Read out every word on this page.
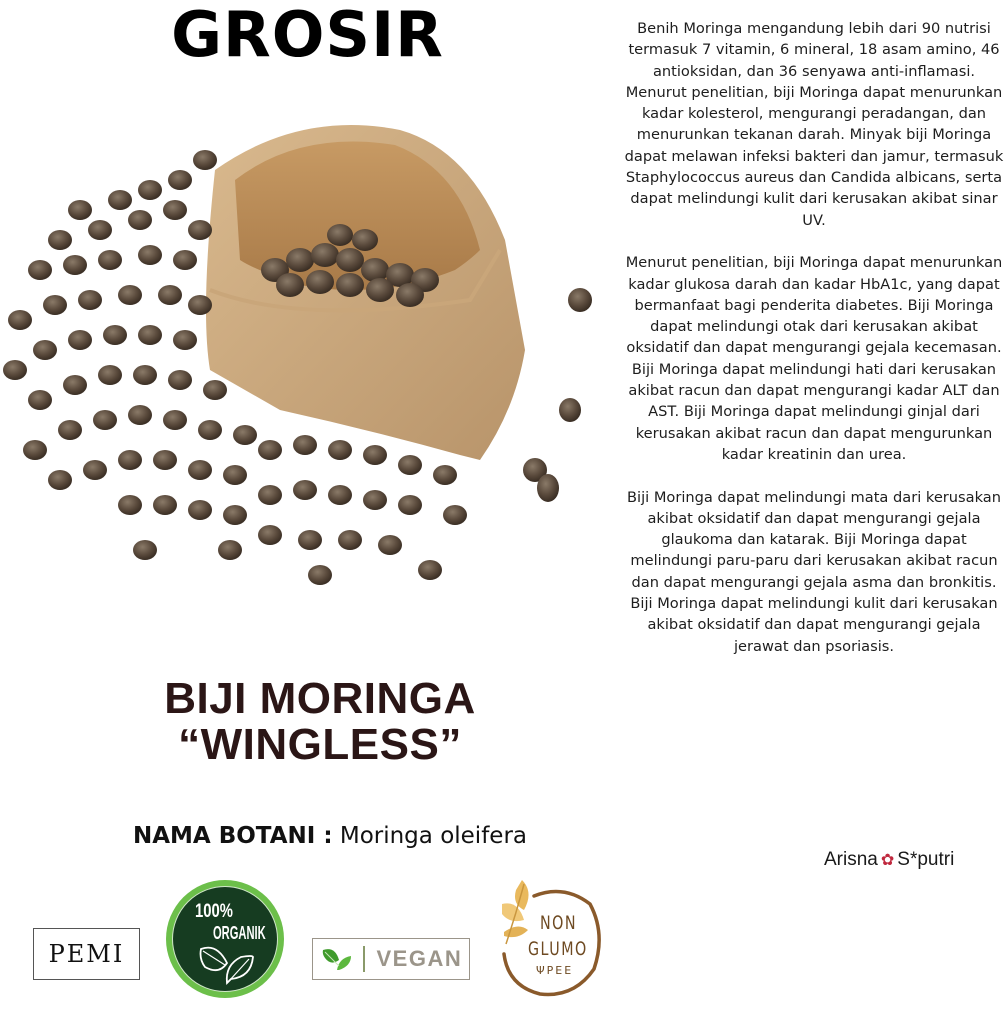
GROSIR
BIJI MORINGA
“WINGLESS”
NAMA BOTANI : Moringa oleifera

Benih Moringa mengandung lebih dari 90 nutrisi termasuk 7 vitamin, 6 mineral, 18 asam amino, 46 antioksidan, dan 36 senyawa anti-inflamasi. Menurut penelitian, biji Moringa dapat menurunkan kadar kolesterol, mengurangi peradangan, dan menurunkan tekanan darah. Minyak biji Moringa dapat melawan infeksi bakteri dan jamur, termasuk Staphylococcus aureus dan Candida albicans, serta dapat melindungi kulit dari kerusakan akibat sinar UV.

Menurut penelitian, biji Moringa dapat menurunkan kadar glukosa darah dan kadar HbA1c, yang dapat bermanfaat bagi penderita diabetes. Biji Moringa dapat melindungi otak dari kerusakan akibat oksidatif dan dapat mengurangi gejala kecemasan. Biji Moringa dapat melindungi hati dari kerusakan akibat racun dan dapat mengurangi kadar ALT dan AST. Biji Moringa dapat melindungi ginjal dari kerusakan akibat racun dan dapat mengurunkan kadar kreatinin dan urea.

Biji Moringa dapat melindungi mata dari kerusakan akibat oksidatif dan dapat mengurangi gejala glaukoma dan katarak. Biji Moringa dapat melindungi paru-paru dari kerusakan akibat racun dan dapat mengurangi gejala asma dan bronkitis. Biji Moringa dapat melindungi kulit dari kerusakan akibat oksidatif dan dapat mengurangi gejala jerawat dan psoriasis.

Arisna ✿ S*putri
PEMI
100%
ORGANIK
VEGAN
NON
GLUMO
ΨPEE
